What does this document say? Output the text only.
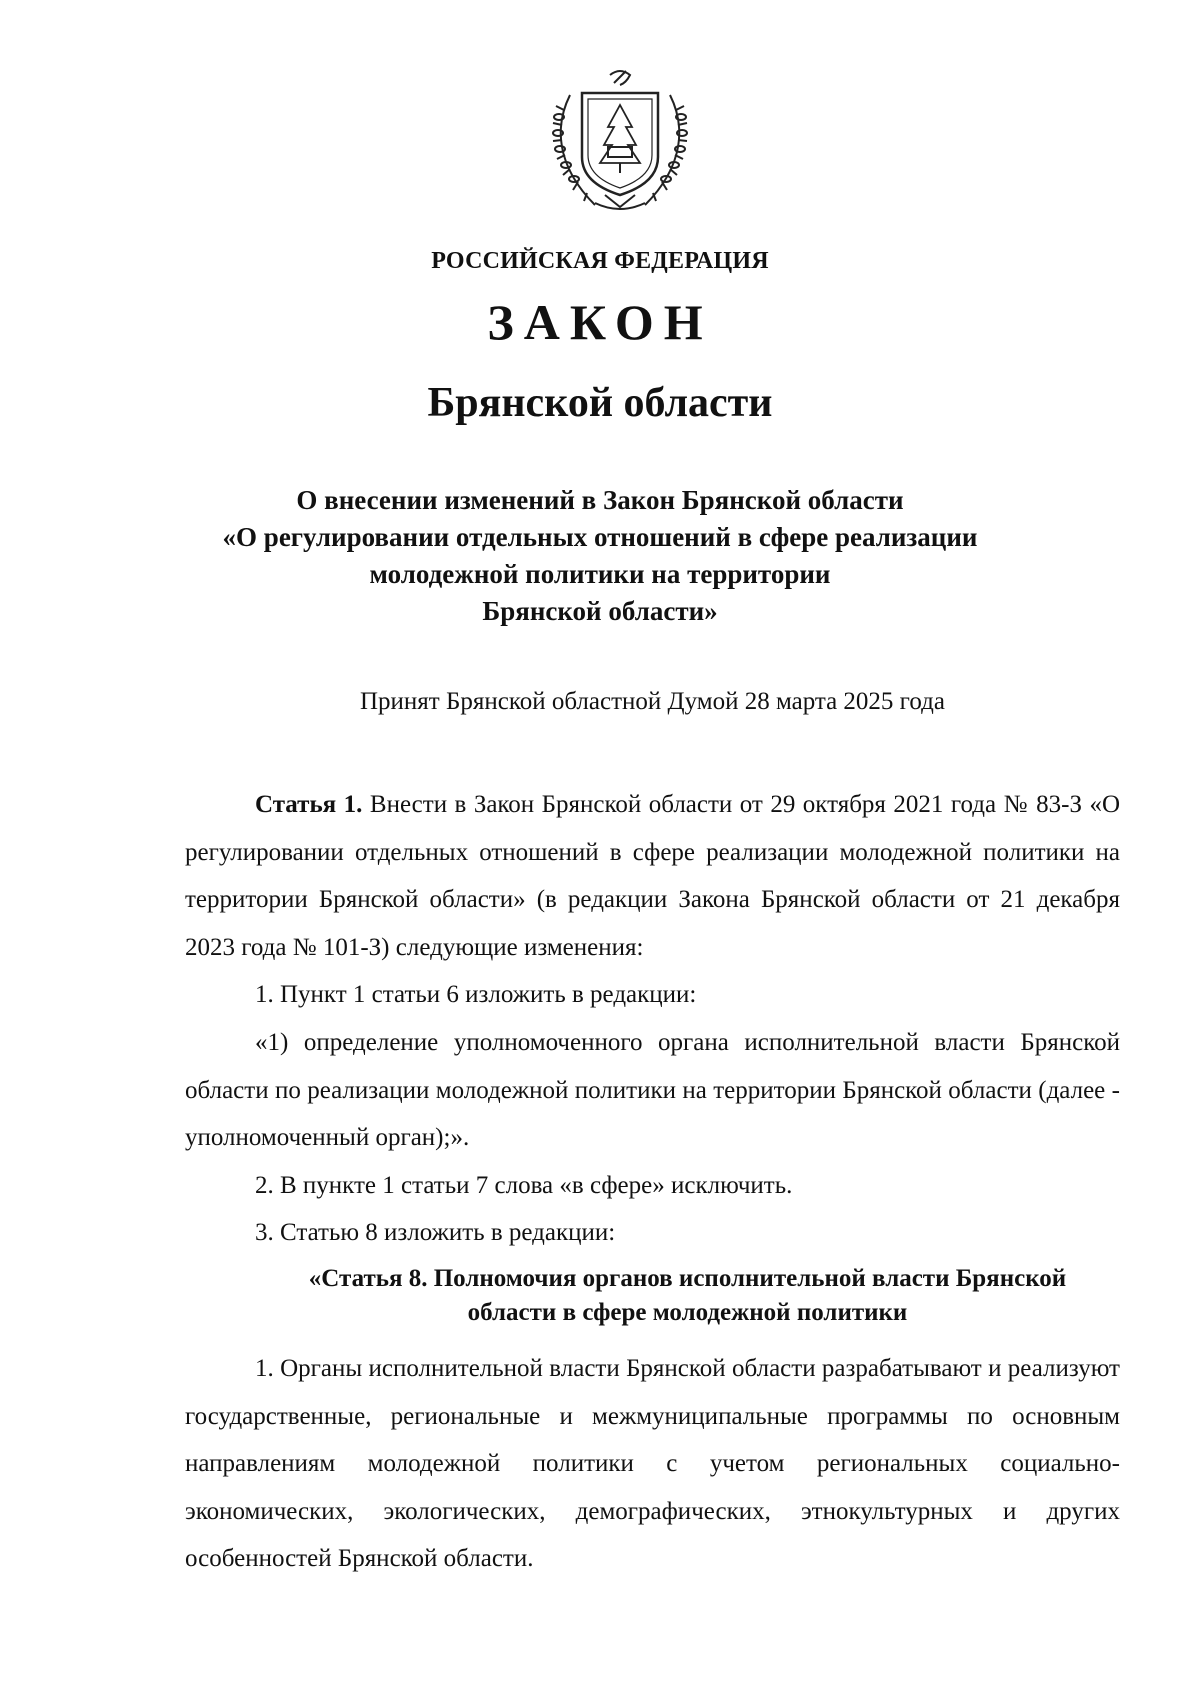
РОССИЙСКАЯ ФЕДЕРАЦИЯ
ЗАКОН
Брянской области
О внесении изменений в Закон Брянской области
«О регулировании отдельных отношений в сфере реализации
молодежной политики на территории
Брянской области»
Принят Брянской областной Думой 28 марта 2025 года

Статья 1. Внести в Закон Брянской области от 29 октября 2021 года № 83-З «О регулировании отдельных отношений в сфере реализации молодежной политики на территории Брянской области» (в редакции Закона Брянской области от 21 декабря 2023 года № 101-З) следующие изменения:

1. Пункт 1 статьи 6 изложить в редакции:

«1) определение уполномоченного органа исполнительной власти Брянской области по реализации молодежной политики на территории Брянской области (далее - уполномоченный орган);».

2. В пункте 1 статьи 7 слова «в сфере» исключить.

3. Статью 8 изложить в редакции:

«Статья 8. Полномочия органов исполнительной власти Брянской
области в сфере молодежной политики

1. Органы исполнительной власти Брянской области разрабатывают и реализуют государственные, региональные и межмуниципальные программы по основным направлениям молодежной политики с учетом региональных социально-экономических, экологических, демографических, этнокультурных и других особенностей Брянской области.
